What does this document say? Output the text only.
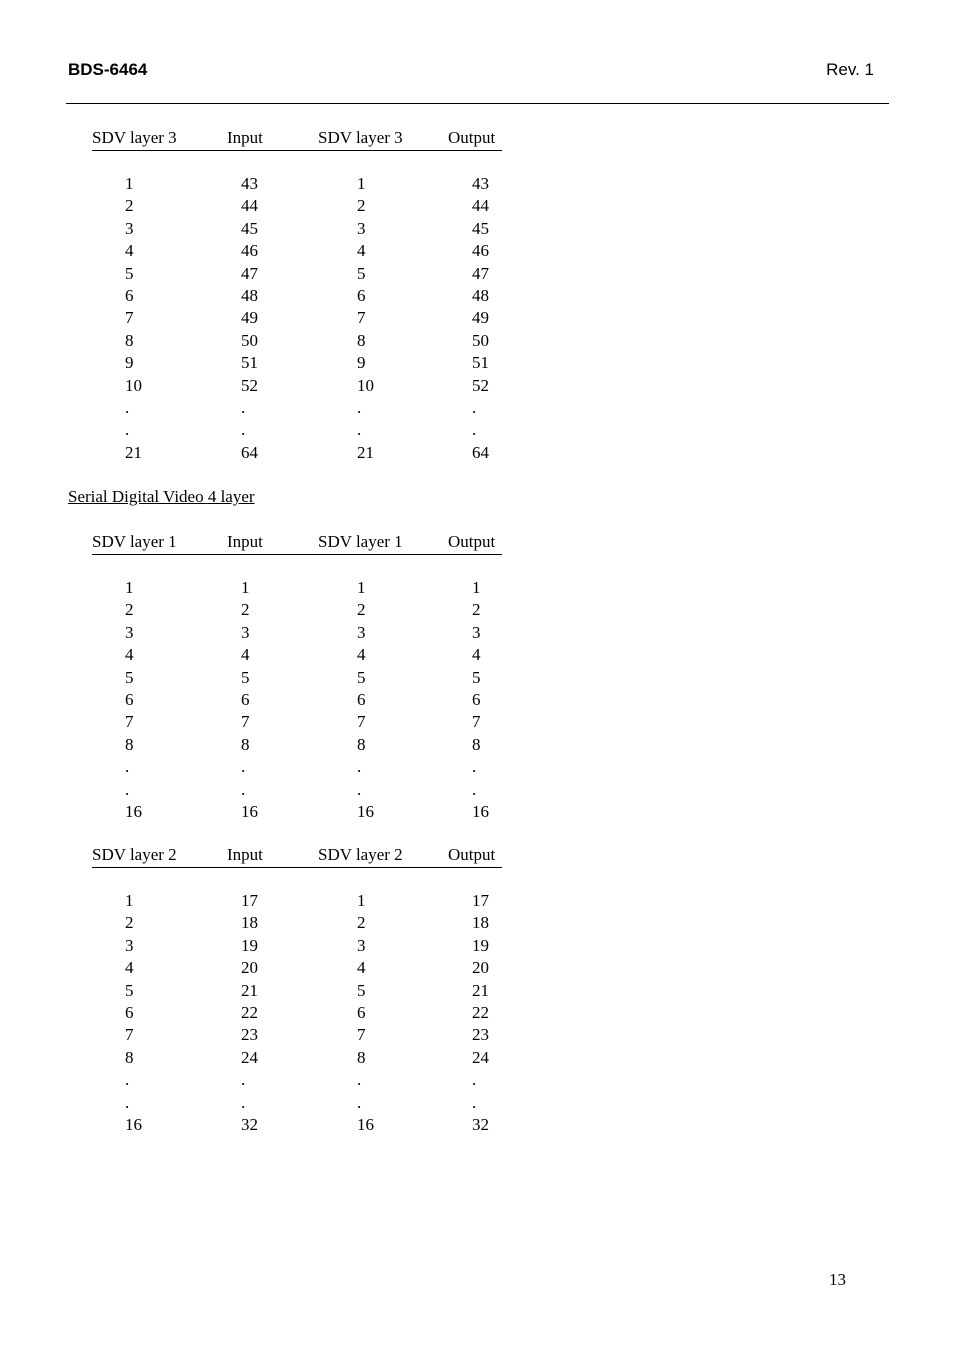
BDS-6464	Rev. 1
SDV layer 3	Input	SDV layer 3	Output
1	43	1	43
2	44	2	44
3	45	3	45
4	46	4	46
5	47	5	47
6	48	6	48
7	49	7	49
8	50	8	50
9	51	9	51
10	52	10	52
.	.	.	.
.	.	.	.
21	64	21	64
Serial Digital Video 4 layer
SDV layer 1	Input	SDV layer 1	Output
1	1	1	1
2	2	2	2
3	3	3	3
4	4	4	4
5	5	5	5
6	6	6	6
7	7	7	7
8	8	8	8
.	.	.	.
.	.	.	.
16	16	16	16
SDV layer 2	Input	SDV layer 2	Output
1	17	1	17
2	18	2	18
3	19	3	19
4	20	4	20
5	21	5	21
6	22	6	22
7	23	7	23
8	24	8	24
.	.	.	.
.	.	.	.
16	32	16	32
13
